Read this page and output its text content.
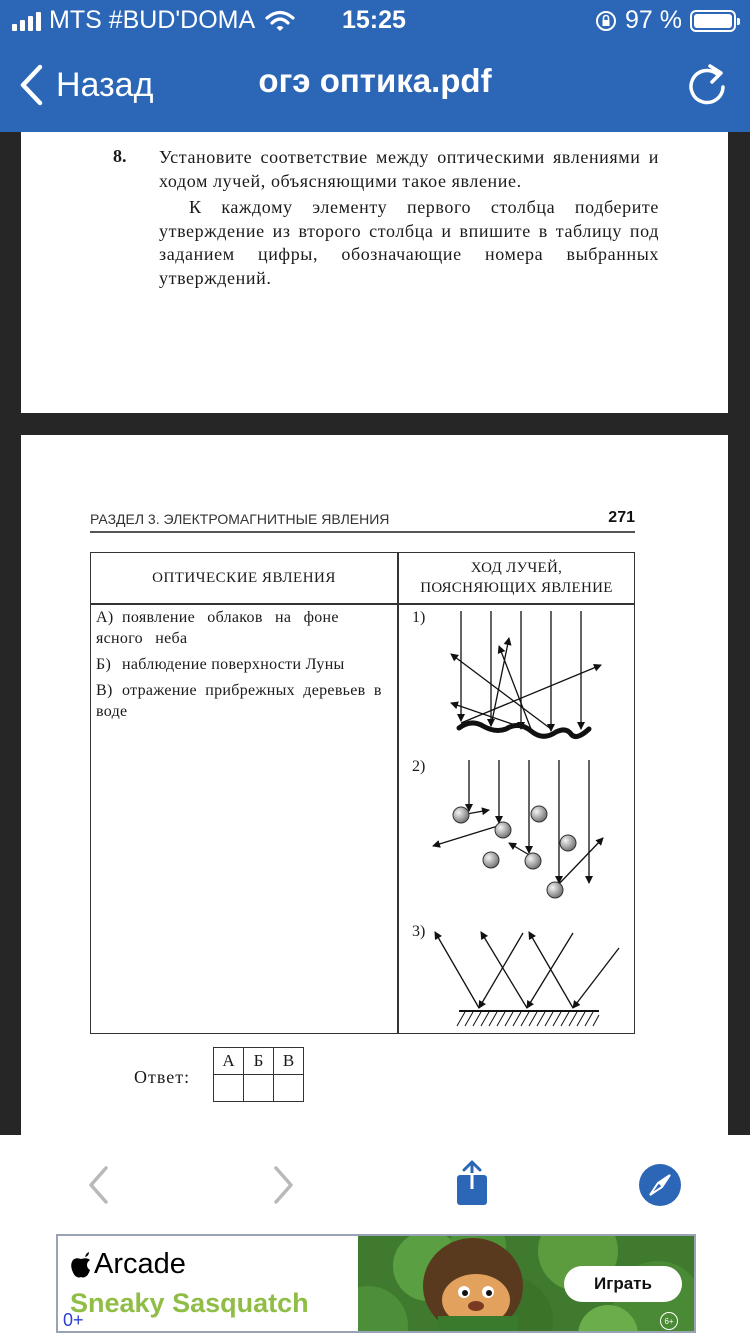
MTS #BUD'DOMA	15:25	97 %
Назад	огэ оптика.pdf
8. Установите соответствие между оптическими явлениями и ходом лучей, объясняющими такое явление.

К каждому элементу первого столбца подберите утверждение из второго столбца и впишите в таблицу под заданием цифры, обозначающие номера выбранных утверждений.

РАЗДЕЛ 3. ЭЛЕКТРОМАГНИТНЫЕ ЯВЛЕНИЯ	271
ОПТИЧЕСКИЕ ЯВЛЕНИЯ
ХОД ЛУЧЕЙ,
ПОЯСНЯЮЩИХ ЯВЛЕНИЕ
А) появление облаков на фоне ясного неба
Б) наблюдение поверхности Луны
В) отражение прибрежных деревьев в воде
1)
2)
3)
Ответ:
А	Б	В

Arcade
Sneaky Sasquatch
0+
Играть
6+
